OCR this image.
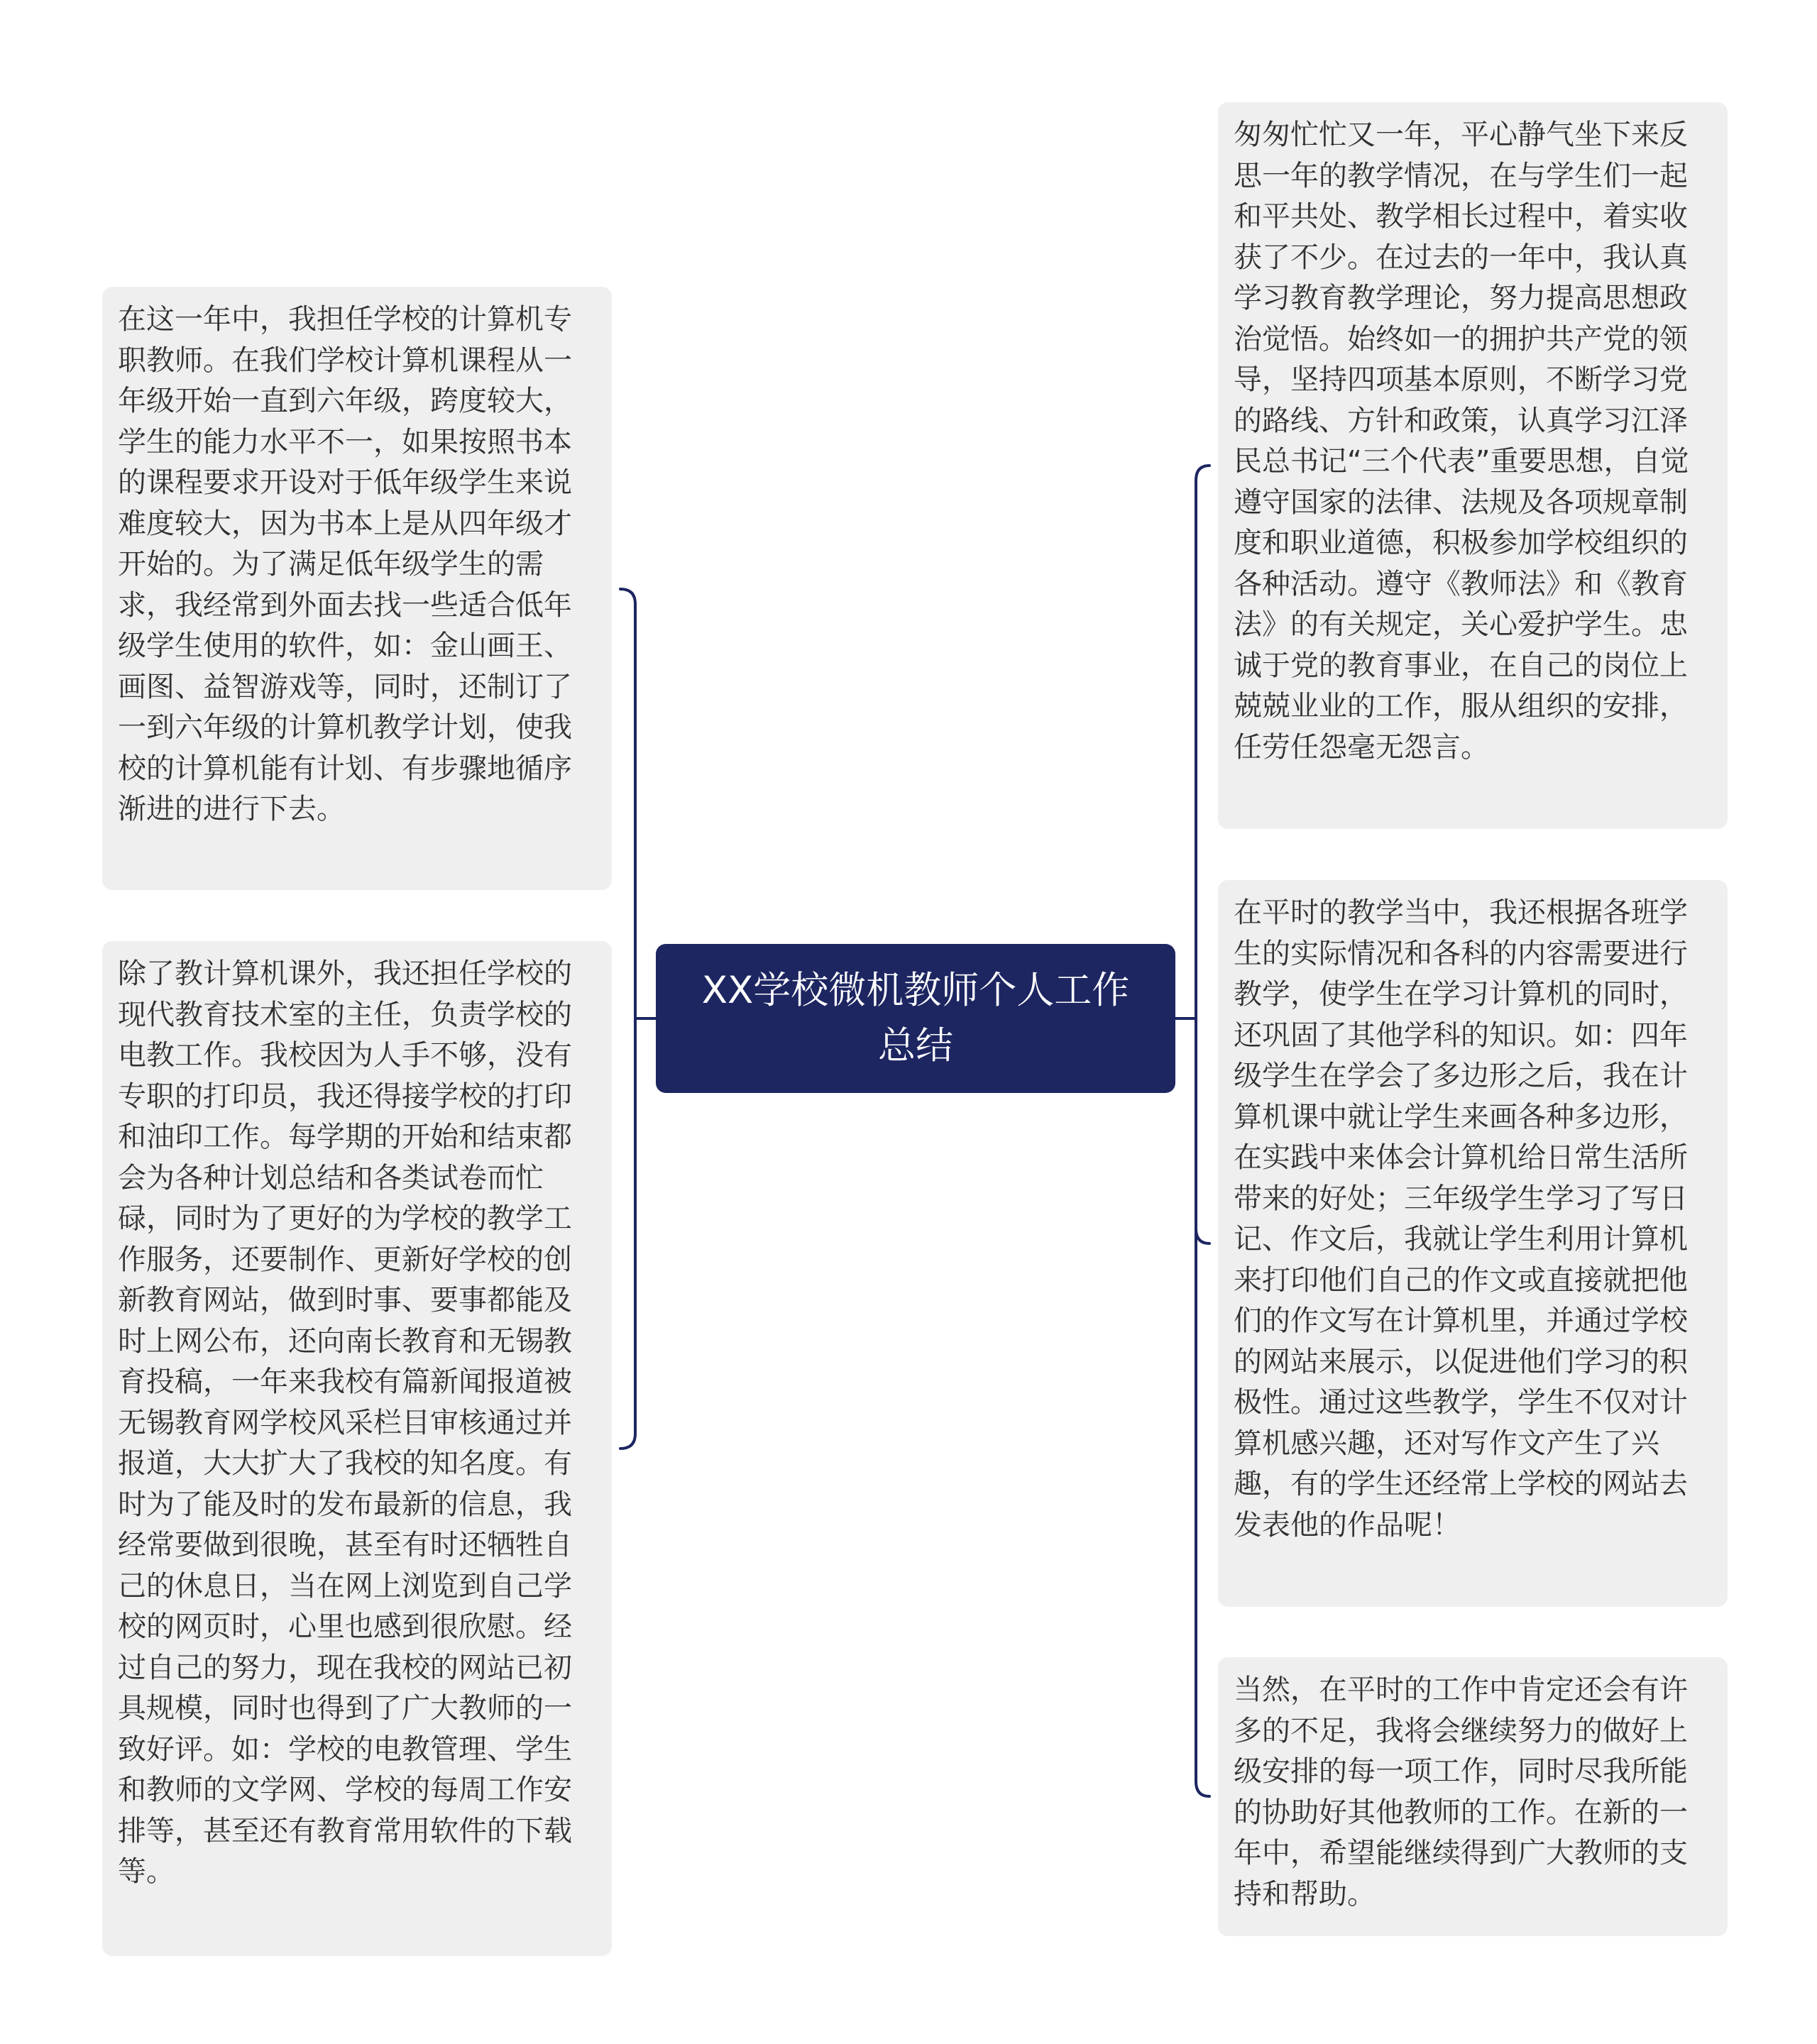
XX学校微机教师个人工作总结
在这一年中，我担任学校的计算机专职教师。在我们学校计算机课程从一年级开始一直到六年级，跨度较大，学生的能力水平不一，如果按照书本的课程要求开设对于低年级学生来说难度较大，因为书本上是从四年级才开始的。为了满足低年级学生的需求，我经常到外面去找一些适合低年级学生使用的软件，如：金山画王、画图、益智游戏等，同时，还制订了一到六年级的计算机教学计划，使我校的计算机能有计划、有步骤地循序渐进的进行下去。
除了教计算机课外，我还担任学校的现代教育技术室的主任，负责学校的电教工作。我校因为人手不够，没有专职的打印员，我还得接学校的打印和油印工作。每学期的开始和结束都会为各种计划总结和各类试卷而忙碌，同时为了更好的为学校的教学工作服务，还要制作、更新好学校的创新教育网站，做到时事、要事都能及时上网公布，还向南长教育和无锡教育投稿，一年来我校有篇新闻报道被无锡教育网学校风采栏目审核通过并报道，大大扩大了我校的知名度。有时为了能及时的发布最新的信息，我经常要做到很晚，甚至有时还牺牲自己的休息日，当在网上浏览到自己学校的网页时，心里也感到很欣慰。经过自己的努力，现在我校的网站已初具规模，同时也得到了广大教师的一致好评。如：学校的电教管理、学生和教师的文学网、学校的每周工作安排等，甚至还有教育常用软件的下载等。
匆匆忙忙又一年，平心静气坐下来反思一年的教学情况，在与学生们一起和平共处、教学相长过程中，着实收获了不少。在过去的一年中，我认真学习教育教学理论，努力提高思想政治觉悟。始终如一的拥护共产党的领导，坚持四项基本原则，不断学习党的路线、方针和政策，认真学习江泽民总书记“三个代表”重要思想，自觉遵守国家的法律、法规及各项规章制度和职业道德，积极参加学校组织的各种活动。遵守《教师法》和《教育法》的有关规定，关心爱护学生。忠诚于党的教育事业，在自己的岗位上兢兢业业的工作，服从组织的安排，任劳任怨毫无怨言。
在平时的教学当中，我还根据各班学生的实际情况和各科的内容需要进行教学，使学生在学习计算机的同时，还巩固了其他学科的知识。如：四年级学生在学会了多边形之后，我在计算机课中就让学生来画各种多边形，在实践中来体会计算机给日常生活所带来的好处；三年级学生学习了写日记、作文后，我就让学生利用计算机来打印他们自己的作文或直接就把他们的作文写在计算机里，并通过学校的网站来展示，以促进他们学习的积极性。通过这些教学，学生不仅对计算机感兴趣，还对写作文产生了兴趣，有的学生还经常上学校的网站去发表他的作品呢！
当然，在平时的工作中肯定还会有许多的不足，我将会继续努力的做好上级安排的每一项工作，同时尽我所能的协助好其他教师的工作。在新的一年中，希望能继续得到广大教师的支持和帮助。
